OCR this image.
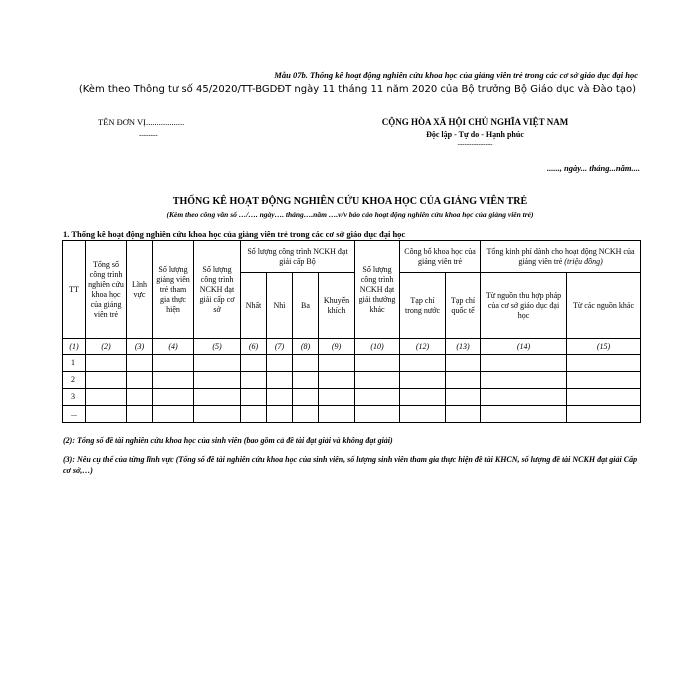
Mẫu 07b. Thống kê hoạt động nghiên cứu khoa học của giảng viên trẻ trong các cơ sở giáo dục đại học
(Kèm theo Thông tư số 45/2020/TT-BGDĐT ngày 11 tháng 11 năm 2020 của Bộ trưởng Bộ Giáo dục và Đào tạo)
TÊN ĐƠN VỊ..................
--------
CỘNG HÒA XÃ HỘI CHỦ NGHĨA VIỆT NAM
Độc lập - Tự do - Hạnh phúc
---------------
......, ngày... tháng...năm....
THỐNG KÊ HOẠT ĐỘNG NGHIÊN CỨU KHOA HỌC CỦA GIẢNG VIÊN TRẺ
(Kèm theo công văn số …/…. ngày…. tháng….năm ….v/v báo cáo hoạt động nghiên cứu khoa học của giảng viên trẻ)
1. Thống kê hoạt động nghiên cứu khoa học của giảng viên trẻ trong các cơ sở giáo dục đại học
TT	Tổng số công trình nghiên cứu khoa học của giảng viên trẻ	Lĩnh vực	Số lượng giảng viên trẻ tham gia thực hiện	Số lượng công trình NCKH đạt giải cấp cơ sở	Số lượng công trình NCKH đạt giải cấp Bộ				Số lượng công trình NCKH đạt giải thưởng khác	Công bố khoa học của giảng viên trẻ		Tổng kinh phí dành cho hoạt động NCKH của giảng viên trẻ (triệu đồng)	
					Nhất	Nhì	Ba	Khuyến khích		Tạp chí trong nước	Tạp chí quốc tế	Từ nguồn thu hợp pháp của cơ sở giáo dục đại học	Từ các nguồn khác
(1)	(2)	(3)	(4)	(5)	(6)	(7)	(8)	(9)	(10)	(12)	(13)	(14)	(15)
1													
2													
3													
...													
(2): Tổng số đề tài nghiên cứu khoa học của sinh viên (bao gồm cả đề tài đạt giải và không đạt giải)
(3): Nêu cụ thể của từng lĩnh vực (Tổng số đề tài nghiên cứu khoa học của sinh viên, số lượng sinh viên tham gia thực hiện đề tài KHCN, số lượng đề tài NCKH đạt giải Cấp cơ sở,…)
